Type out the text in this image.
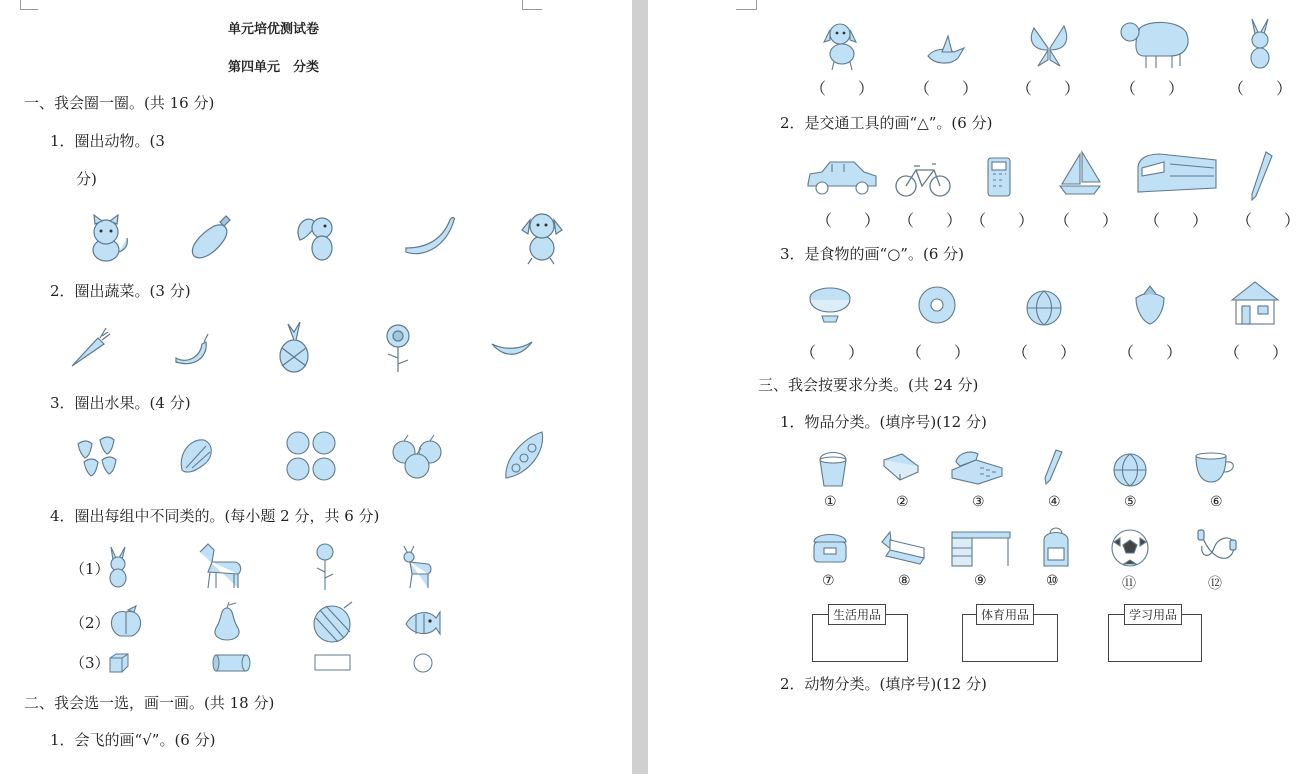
单元培优测试卷
第四单元　分类
一、我会圈一圈。(共 16 分)
1．圈出动物。(3
分)
2．圈出蔬菜。(3 分)
3．圈出水果。(4 分)
4．圈出每组中不同类的。(每小题 2 分，共 6 分)
（1）
（2）
（3）
二、我会选一选，画一画。(共 18 分)
1．会飞的画“√”。(6 分)
（　　） （　　） （　　） （　　）	（　　）
2．是交通工具的画“△”。(6 分)
（　　） （　　） （　　） （　　） （　　） （　　）
3．是食物的画“○”。(6 分)
（　　）	（　　）	（　　）	（　　）	（　　）
三、我会按要求分类。(共 24 分)
1．物品分类。(填序号)(12 分)
①	②	③	④	⑤	⑥
⑦	⑧	⑨	⑩	⑪	⑫
生活用品	体育用品	学习用品
2．动物分类。(填序号)(12 分)
